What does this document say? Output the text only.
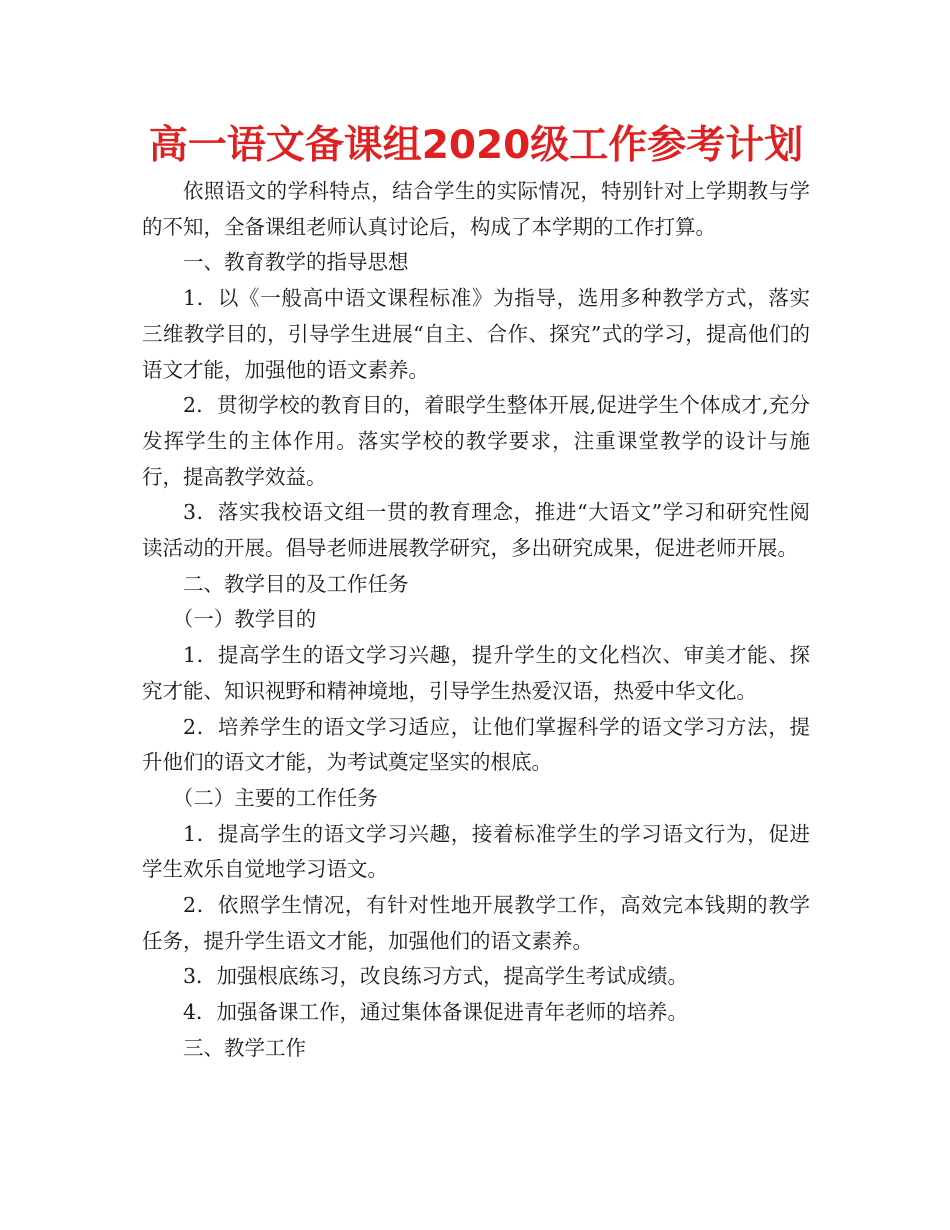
高一语文备课组2020级工作参考计划

依照语文的学科特点，结合学生的实际情况，特别针对上学期教与学的不知，全备课组老师认真讨论后，构成了本学期的工作打算。

一、教育教学的指导思想

1．以《一般高中语文课程标准》为指导，选用多种教学方式，落实三维教学目的，引导学生进展“自主、合作、探究”式的学习，提高他们的语文才能，加强他的语文素养。

2．贯彻学校的教育目的，着眼学生整体开展,促进学生个体成才,充分发挥学生的主体作用。落实学校的教学要求，注重课堂教学的设计与施行，提高教学效益。

3．落实我校语文组一贯的教育理念，推进“大语文”学习和研究性阅读活动的开展。倡导老师进展教学研究，多出研究成果，促进老师开展。

二、教学目的及工作任务

（一）教学目的

1．提高学生的语文学习兴趣，提升学生的文化档次、审美才能、探究才能、知识视野和精神境地，引导学生热爱汉语，热爱中华文化。

2．培养学生的语文学习适应，让他们掌握科学的语文学习方法，提升他们的语文才能，为考试奠定坚实的根底。

（二）主要的工作任务

1．提高学生的语文学习兴趣，接着标准学生的学习语文行为，促进学生欢乐自觉地学习语文。

2．依照学生情况，有针对性地开展教学工作，高效完本钱期的教学任务，提升学生语文才能，加强他们的语文素养。

3．加强根底练习，改良练习方式，提高学生考试成绩。

4．加强备课工作，通过集体备课促进青年老师的培养。

三、教学工作
